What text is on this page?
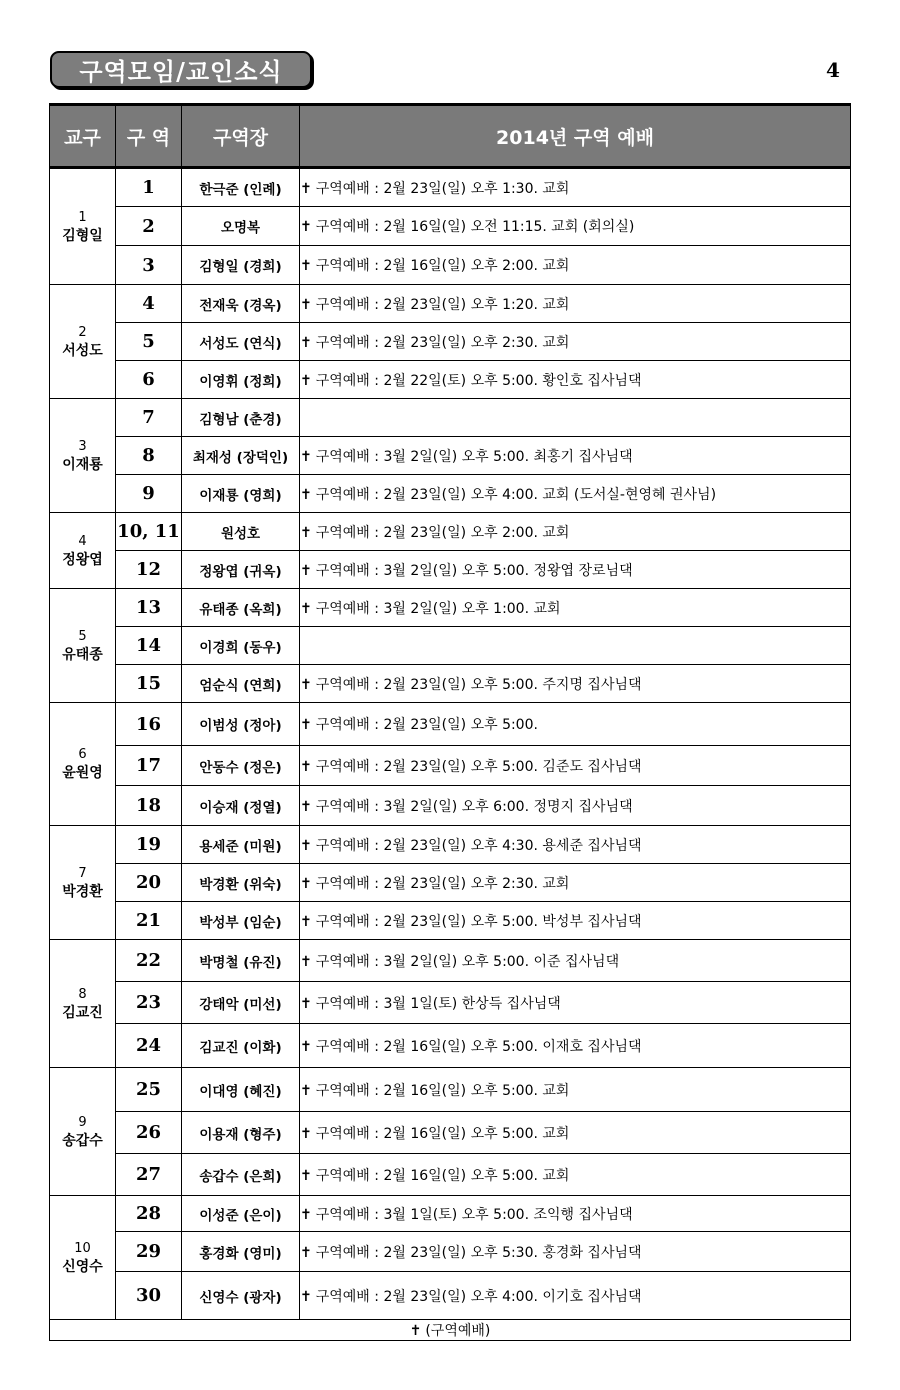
구역모임/교인소식	4
교구	구 역	구역장	2014년 구역 예배

1
김형일	1	한극준 (인례)	✝ 구역예배 : 2월 23일(일) 오후 1:30. 교회
	2	오명복	✝ 구역예배 : 2월 16일(일) 오전 11:15. 교회 (회의실)
	3	김형일 (경희)	✝ 구역예배 : 2월 16일(일) 오후 2:00. 교회

2
서성도	4	전재욱 (경옥)	✝ 구역예배 : 2월 23일(일) 오후 1:20. 교회
	5	서성도 (연식)	✝ 구역예배 : 2월 23일(일) 오후 2:30. 교회
	6	이영휘 (정희)	✝ 구역예배 : 2월 22일(토) 오후 5:00. 황인호 집사님댁

3
이재룡	7	김형남 (춘경)	
	8	최재성 (장덕인)	✝ 구역예배 : 3월 2일(일) 오후 5:00. 최홍기 집사님댁
	9	이재룡 (영희)	✝ 구역예배 : 2월 23일(일) 오후 4:00. 교회 (도서실-현영혜 권사님)

4
정왕엽	10, 11	원성호	✝ 구역예배 : 2월 23일(일) 오후 2:00. 교회
	12	정왕엽 (귀옥)	✝ 구역예배 : 3월 2일(일) 오후 5:00. 정왕엽 장로님댁

5
유태종	13	유태종 (옥희)	✝ 구역예배 : 3월 2일(일) 오후 1:00. 교회
	14	이경희 (동우)	
	15	엄순식 (연희)	✝ 구역예배 : 2월 23일(일) 오후 5:00. 주지명 집사님댁

6
윤원영	16	이범성 (정아)	✝ 구역예배 : 2월 23일(일) 오후 5:00.
	17	안동수 (정은)	✝ 구역예배 : 2월 23일(일) 오후 5:00. 김준도 집사님댁
	18	이승재 (정열)	✝ 구역예배 : 3월 2일(일) 오후 6:00. 정명지 집사님댁

7
박경환	19	용세준 (미원)	✝ 구역예배 : 2월 23일(일) 오후 4:30. 용세준 집사님댁
	20	박경환 (위숙)	✝ 구역예배 : 2월 23일(일) 오후 2:30. 교회
	21	박성부 (임순)	✝ 구역예배 : 2월 23일(일) 오후 5:00. 박성부 집사님댁

8
김교진	22	박명철 (유진)	✝ 구역예배 : 3월 2일(일) 오후 5:00. 이준 집사님댁
	23	강태악 (미선)	✝ 구역예배 : 3월 1일(토) 한상득 집사님댁
	24	김교진 (이화)	✝ 구역예배 : 2월 16일(일) 오후 5:00. 이재호 집사님댁

9
송갑수	25	이대영 (혜진)	✝ 구역예배 : 2월 16일(일) 오후 5:00. 교회
	26	이용재 (형주)	✝ 구역예배 : 2월 16일(일) 오후 5:00. 교회
	27	송갑수 (은희)	✝ 구역예배 : 2월 16일(일) 오후 5:00. 교회

10
신영수	28	이성준 (은이)	✝ 구역예배 : 3월 1일(토) 오후 5:00. 조익행 집사님댁
	29	홍경화 (영미)	✝ 구역예배 : 2월 23일(일) 오후 5:30. 홍경화 집사님댁
	30	신영수 (광자)	✝ 구역예배 : 2월 23일(일) 오후 4:00. 이기호 집사님댁
✝ (구역예배)			
